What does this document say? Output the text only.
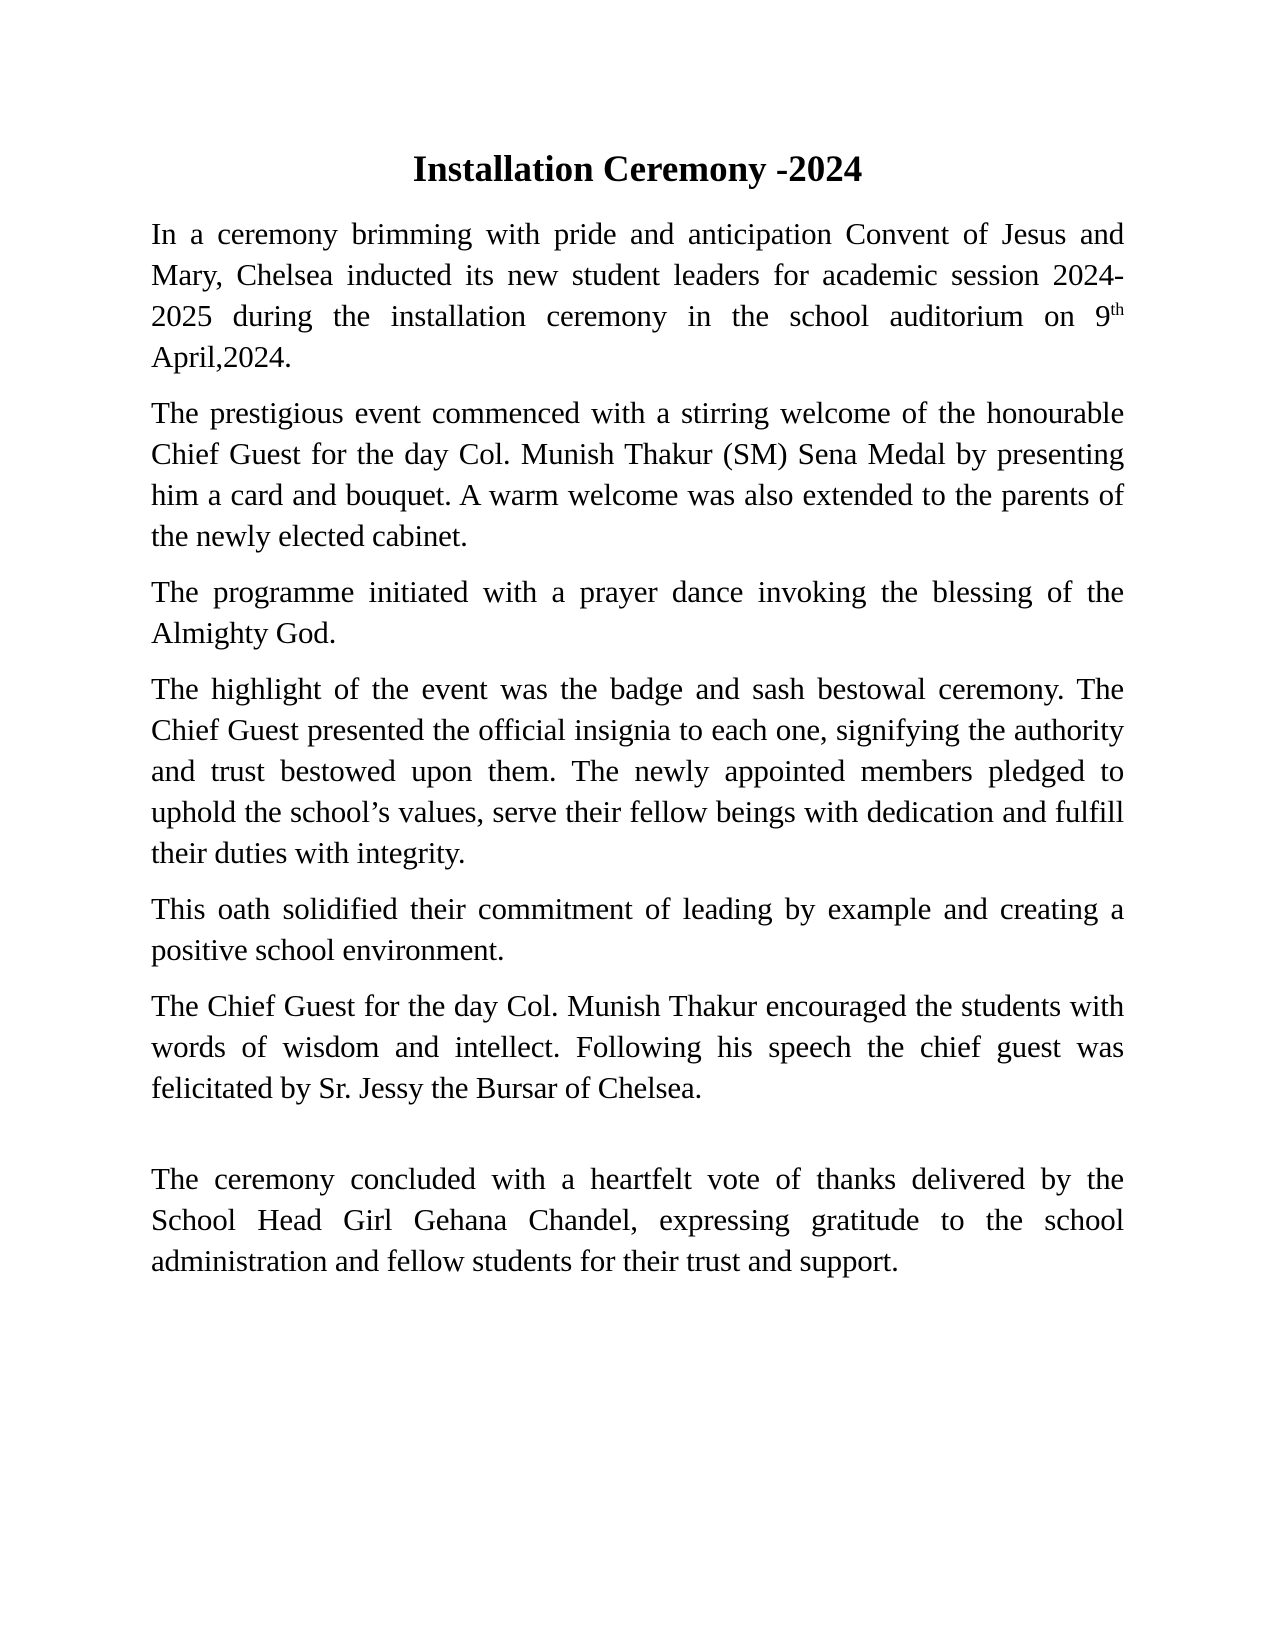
Installation Ceremony -2024

In a ceremony brimming with pride and anticipation Convent of Jesus and Mary, Chelsea inducted its new student leaders for academic session 2024-2025 during the installation ceremony in the school auditorium on 9th April,2024.

The prestigious event commenced with a stirring welcome of the honourable Chief Guest for the day Col. Munish Thakur (SM) Sena Medal by presenting him a card and bouquet. A warm welcome was also extended to the parents of the newly elected cabinet.

The programme initiated with a prayer dance invoking the blessing of the Almighty God.

The highlight of the event was the badge and sash bestowal ceremony. The Chief Guest presented the official insignia to each one, signifying the authority and trust bestowed upon them. The newly appointed members pledged to uphold the school’s values, serve their fellow beings with dedication and fulfill their duties with integrity.

This oath solidified their commitment of leading by example and creating a positive school environment.

The Chief Guest for the day Col. Munish Thakur encouraged the students with words of wisdom and intellect. Following his speech the chief guest was felicitated by Sr. Jessy the Bursar of Chelsea.

The ceremony concluded with a heartfelt vote of thanks delivered by the School Head Girl Gehana Chandel, expressing gratitude to the school administration and fellow students for their trust and support.
